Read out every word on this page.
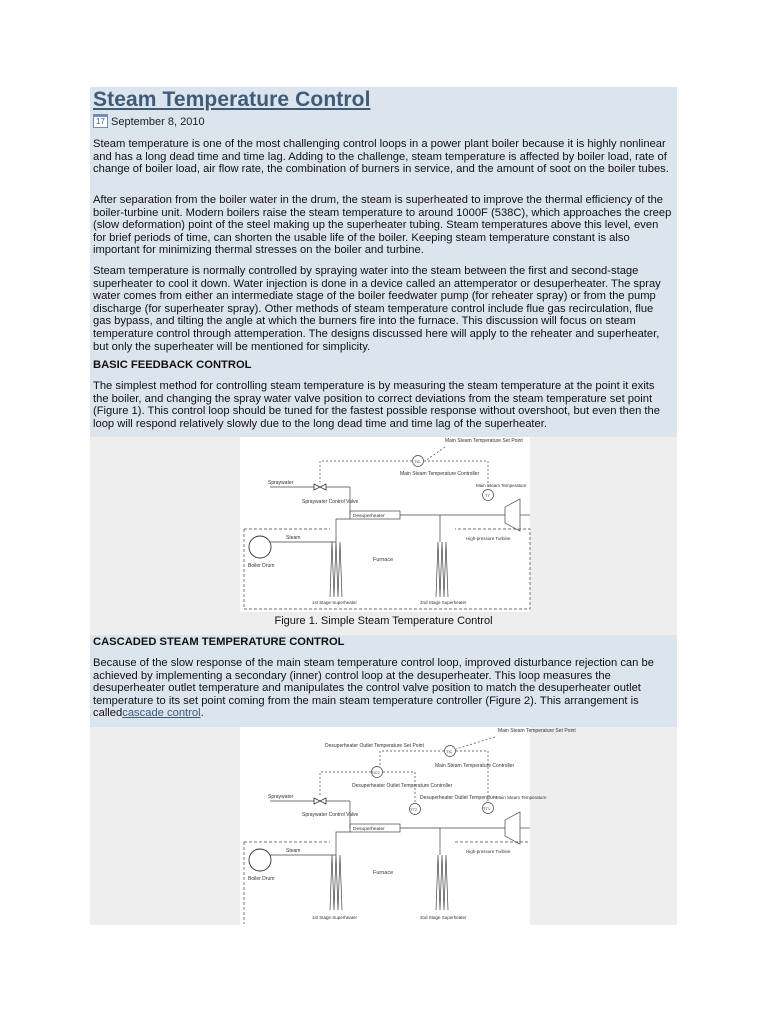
Steam Temperature Control
17 September 8, 2010

Steam temperature is one of the most challenging control loops in a power plant boiler because it is highly nonlinear and has a long dead time and time lag. Adding to the challenge, steam temperature is affected by boiler load, rate of change of boiler load, air flow rate, the combination of burners in service, and the amount of soot on the boiler tubes.

After separation from the boiler water in the drum, the steam is superheated to improve the thermal efficiency of the boiler-turbine unit. Modern boilers raise the steam temperature to around 1000F (538C), which approaches the creep (slow deformation) point of the steel making up the superheater tubing. Steam temperatures above this level, even for brief periods of time, can shorten the usable life of the boiler. Keeping steam temperature constant is also important for minimizing thermal stresses on the boiler and turbine.

Steam temperature is normally controlled by spraying water into the steam between the first and second-stage superheater to cool it down. Water injection is done in a device called an attemperator or desuperheater. The spray water comes from either an intermediate stage of the boiler feedwater pump (for reheater spray) or from the pump discharge (for superheater spray). Other methods of steam temperature control include flue gas recirculation, flue gas bypass, and tilting the angle at which the burners fire into the furnace. This discussion will focus on steam temperature control through attemperation. The designs discussed here will apply to the reheater and superheater, but only the superheater will be mentioned for simplicity.

BASIC FEEDBACK CONTROL

The simplest method for controlling steam temperature is by measuring the steam temperature at the point it exits the boiler, and changing the spray water valve position to correct deviations from the steam temperature set point (Figure 1). This control loop should be tuned for the fastest possible response without overshoot, but even then the loop will respond relatively slowly due to the long dead time and time lag of the superheater.

Main Steam Temperature Set Point
TIC
Main Steam Temperature Controller
TT
Spraywater
Spraywater Control Valve
Desuperheater
Main Steam Temperature
Steam
Boiler Drum
Furnace
1st Stage Superheater	2nd Stage Superheater
High-pressure Turbine
Figure 1. Simple Steam Temperature Control
CASCADED STEAM TEMPERATURE CONTROL

Because of the slow response of the main steam temperature control loop, improved disturbance rejection can be achieved by implementing a secondary (inner) control loop at the desuperheater. This loop measures the desuperheater outlet temperature and manipulates the control valve position to match the desuperheater outlet temperature to its set point coming from the main steam temperature controller (Figure 2). This arrangement is calledcascade control.

Main Steam Temperature Set Point
TIC
Main Steam Temperature Controller
Desuperheater Outlet Temperature Set Point
TIC2
Desuperheater Outlet Temperature Controller
TT2
Desuperheater Outlet Temperature
TT1
Main Steam Temperature
Spraywater
Spraywater Control Valve
Desuperheater
Steam
Boiler Drum
Furnace
1st Stage Superheater	2nd Stage Superheater
High-pressure Turbine
